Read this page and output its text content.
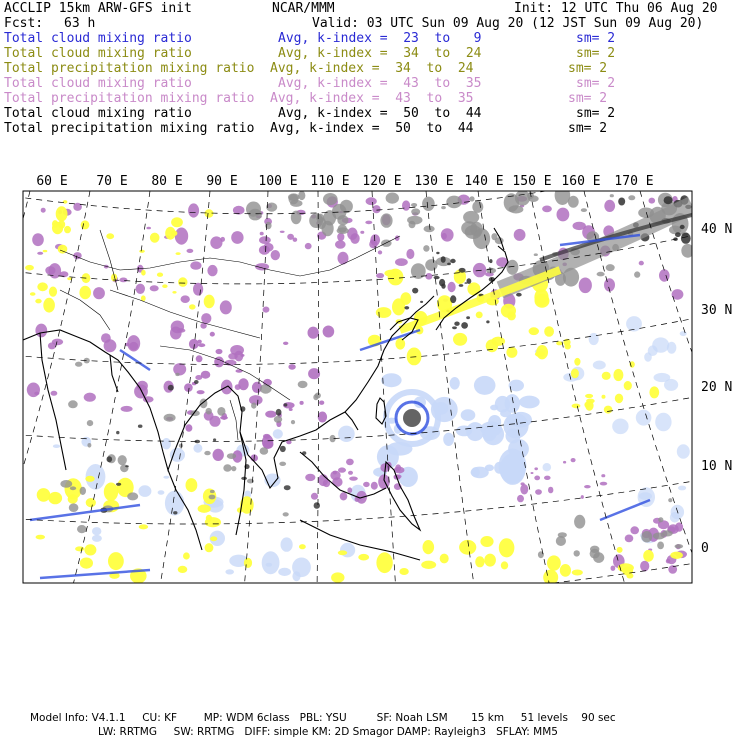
ACCLIP 15km ARW-GFS init	NCAR/MMM	Init: 12 UTC Thu 06 Aug 20
Fcst: 63 h	Valid: 03 UTC Sun 09 Aug 20 (12 JST Sun 09 Aug 20)
Total cloud mixing ratio	Avg, k-index =  23  to   9	sm= 2
Total cloud mixing ratio	Avg, k-index =  34  to  24	sm= 2
Total precipitation mixing ratio Avg, k-index =  34  to  24	sm= 2
Total cloud mixing ratio	Avg, k-index =  43  to  35	sm= 2
Total precipitation mixing ratio Avg, k-index =  43  to  35	sm= 2
Total cloud mixing ratio	Avg, k-index =  50  to  44	sm= 2
Total precipitation mixing ratio Avg, k-index =  50  to  44	sm= 2
60 E 70 E 80 E 90 E 100 E 110 E 120 E 130 E 140 E 150 E 160 E 170 E
40 N
30 N
20 N
10 N
0
Model Info: V4.1.1     CU: KF        MP: WDM 6class   PBL: YSU         SF: Noah LSM       15 km     51 levels    90 sec
LW: RRTMG     SW: RRTMG   DIFF: simple KM: 2D Smagor DAMP: Rayleigh3   SFLAY: MM5
